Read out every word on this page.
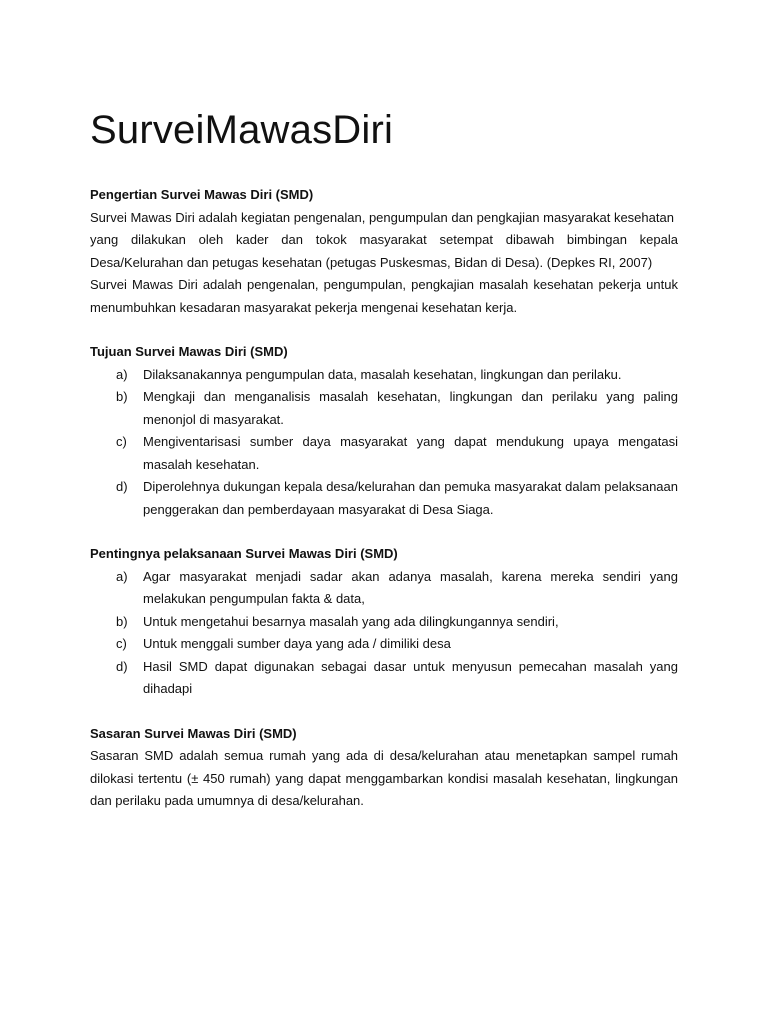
SurveiMawasDiri

Pengertian Survei Mawas Diri (SMD)

Survei Mawas Diri adalah kegiatan pengenalan, pengumpulan dan pengkajian masyarakat kesehatan

yang dilakukan oleh kader dan tokok masyarakat setempat dibawah bimbingan kepala Desa/Kelurahan dan petugas kesehatan (petugas Puskesmas, Bidan di Desa). (Depkes RI, 2007)

Survei Mawas Diri adalah pengenalan, pengumpulan, pengkajian masalah kesehatan pekerja untuk menumbuhkan kesadaran masyarakat pekerja mengenai kesehatan kerja.

Tujuan Survei Mawas Diri (SMD)

a) Dilaksanakannya pengumpulan data, masalah kesehatan, lingkungan dan perilaku.
b) Mengkaji dan menganalisis masalah kesehatan, lingkungan dan perilaku yang paling menonjol di masyarakat.
c) Mengiventarisasi sumber daya masyarakat yang dapat mendukung upaya mengatasi masalah kesehatan.
d) Diperolehnya dukungan kepala desa/kelurahan dan pemuka masyarakat dalam pelaksanaan penggerakan dan pemberdayaan masyarakat di Desa Siaga.

Pentingnya pelaksanaan Survei Mawas Diri (SMD)

a) Agar masyarakat menjadi sadar akan adanya masalah, karena mereka sendiri yang melakukan pengumpulan fakta & data,
b) Untuk mengetahui besarnya masalah yang ada dilingkungannya sendiri,
c) Untuk menggali sumber daya yang ada / dimiliki desa
d) Hasil SMD dapat digunakan sebagai dasar untuk menyusun pemecahan masalah yang dihadapi

Sasaran Survei Mawas Diri (SMD)

Sasaran SMD adalah semua rumah yang ada di desa/kelurahan atau menetapkan sampel rumah dilokasi tertentu (± 450 rumah) yang dapat menggambarkan kondisi masalah kesehatan, lingkungan dan perilaku pada umumnya di desa/kelurahan.
